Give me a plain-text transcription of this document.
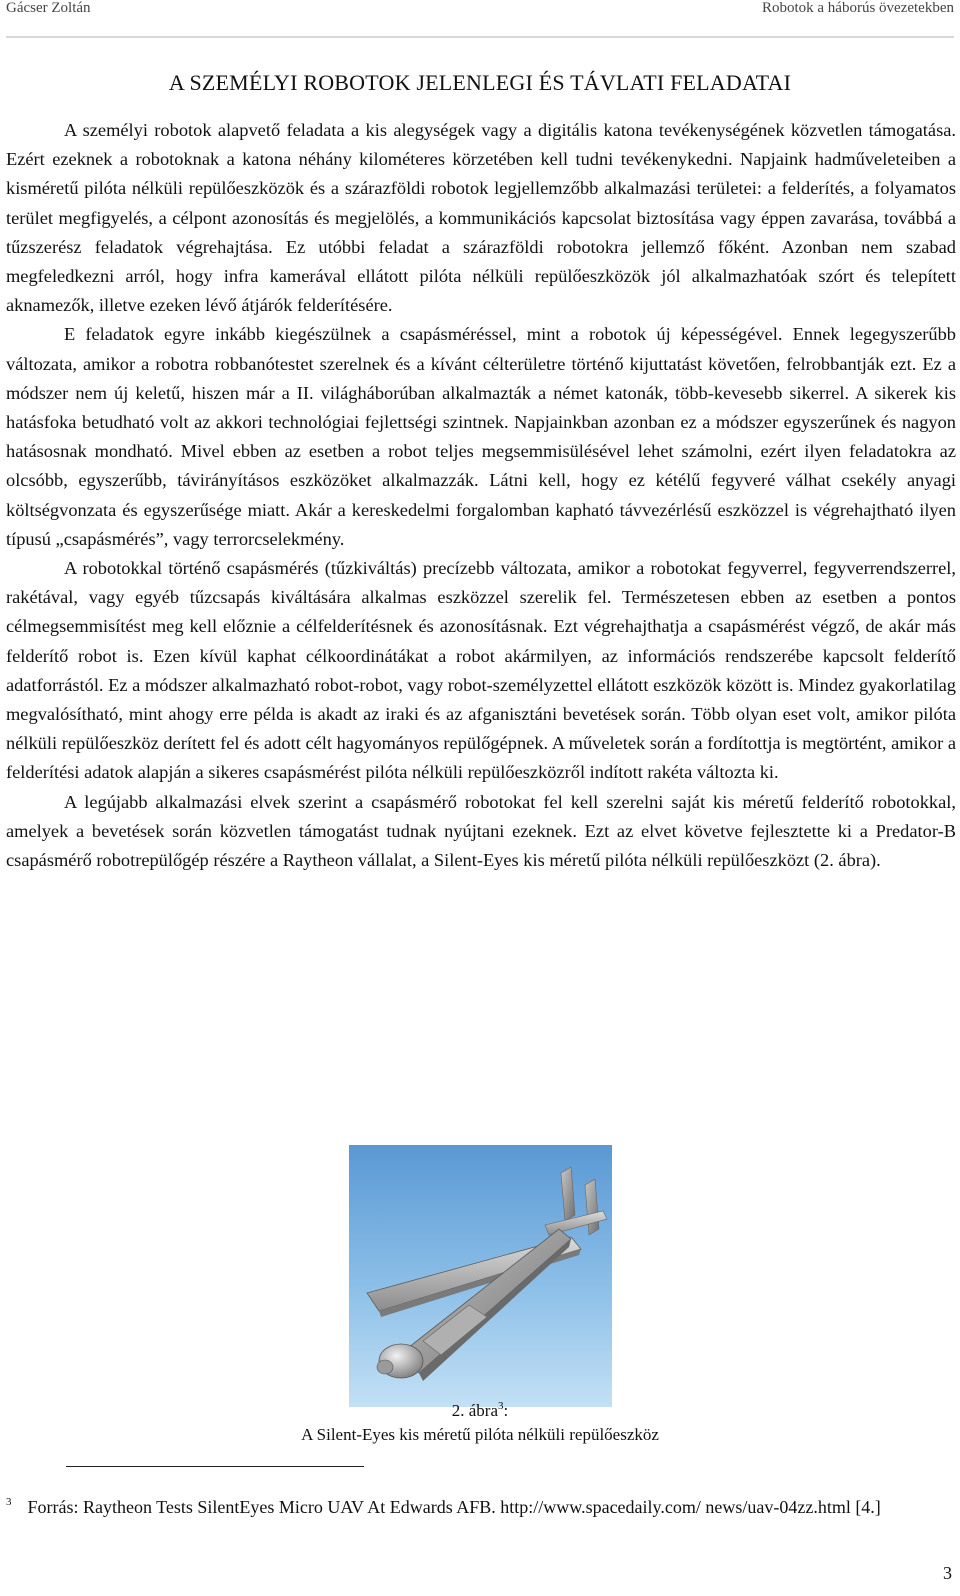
Gácser Zoltán	Robotok a háborús övezetekben
A SZEMÉLYI ROBOTOK JELENLEGI ÉS TÁVLATI FELADATAI

A személyi robotok alapvető feladata a kis alegységek vagy a digitális katona tevékenységének közvetlen támogatása. Ezért ezeknek a robotoknak a katona néhány kilométeres körzetében kell tudni tevékenykedni. Napjaink hadműveleteiben a kisméretű pilóta nélküli repülőeszközök és a szárazföldi robotok legjellemzőbb alkalmazási területei: a felderítés, a folyamatos terület megfigyelés, a célpont azonosítás és megjelölés, a kommunikációs kapcsolat biztosítása vagy éppen zavarása, továbbá a tűzszerész feladatok végrehajtása. Ez utóbbi feladat a szárazföldi robotokra jellemző főként. Azonban nem szabad megfeledkezni arról, hogy infra kamerával ellátott pilóta nélküli repülőeszközök jól alkalmazhatóak szórt és telepített aknamezők, illetve ezeken lévő átjárók felderítésére.

E feladatok egyre inkább kiegészülnek a csapásméréssel, mint a robotok új képességével. Ennek legegyszerűbb változata, amikor a robotra robbanótestet szerelnek és a kívánt célterületre történő kijuttatást követően, felrobbantják ezt. Ez a módszer nem új keletű, hiszen már a II. világháborúban alkalmazták a német katonák, több-kevesebb sikerrel. A sikerek kis hatásfoka betudható volt az akkori technológiai fejlettségi szintnek. Napjainkban azonban ez a módszer egyszerűnek és nagyon hatásosnak mondható. Mivel ebben az esetben a robot teljes megsemmisülésével lehet számolni, ezért ilyen feladatokra az olcsóbb, egyszerűbb, távirányításos eszközöket alkalmazzák. Látni kell, hogy ez kétélű fegyveré válhat csekély anyagi költségvonzata és egyszerűsége miatt. Akár a kereskedelmi forgalomban kapható távvezérlésű eszközzel is végrehajtható ilyen típusú „csapásmérés”, vagy terrorcselekmény.

A robotokkal történő csapásmérés (tűzkiváltás) precízebb változata, amikor a robotokat fegyverrel, fegyverrendszerrel, rakétával, vagy egyéb tűzcsapás kiváltására alkalmas eszközzel szerelik fel. Természetesen ebben az esetben a pontos célmegsemmisítést meg kell előznie a célfelderítésnek és azonosításnak. Ezt végrehajthatja a csapásmérést végző, de akár más felderítő robot is. Ezen kívül kaphat célkoordinátákat a robot akármilyen, az információs rendszerébe kapcsolt felderítő adatforrástól. Ez a módszer alkalmazható robot-robot, vagy robot-személyzettel ellátott eszközök között is. Mindez gyakorlatilag megvalósítható, mint ahogy erre példa is akadt az iraki és az afganisztáni bevetések során. Több olyan eset volt, amikor pilóta nélküli repülőeszköz derített fel és adott célt hagyományos repülőgépnek. A műveletek során a fordítottja is megtörtént, amikor a felderítési adatok alapján a sikeres csapásmérést pilóta nélküli repülőeszközről indított rakéta változta ki.

A legújabb alkalmazási elvek szerint a csapásmérő robotokat fel kell szerelni saját kis méretű felderítő robotokkal, amelyek a bevetések során közvetlen támogatást tudnak nyújtani ezeknek. Ezt az elvet követve fejlesztette ki a Predator-B csapásmérő robotrepülőgép részére a Raytheon vállalat, a Silent-Eyes kis méretű pilóta nélküli repülőeszközt (2. ábra).

2. ábra$^3$:
A Silent-Eyes kis méretű pilóta nélküli repülőeszköz
$^3$ Forrás: Raytheon Tests SilentEyes Micro UAV At Edwards AFB. http://www.spacedaily.com/ news/uav-04zz.html [4.]
3
